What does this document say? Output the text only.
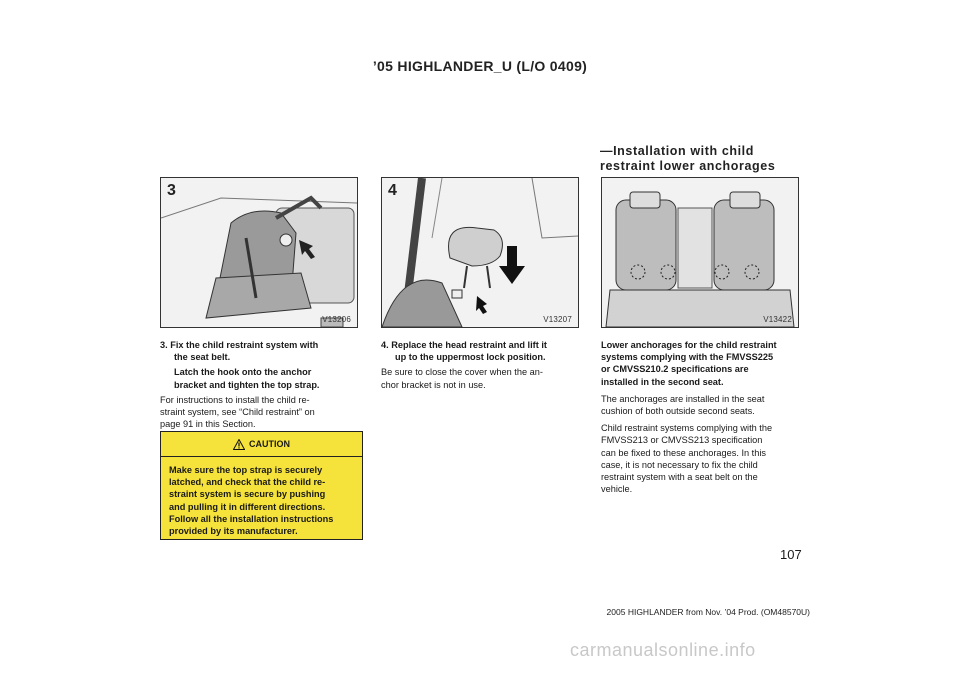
’05 HIGHLANDER_U (L/O 0409)
—Installation with child
restraint lower anchorages
3
V13206
4
V13207	V13422
3. Fix the child restraint system with
the seat belt.
Latch the hook onto the anchor
bracket and tighten the top strap.
For instructions to install the child re-
straint system, see “Child restraint” on
page 91 in this Section.
CAUTION
Make sure the top strap is securely
latched, and check that the child re-
straint system is secure by pushing
and pulling it in different directions.
Follow all the installation instructions
provided by its manufacturer.
4. Replace the head restraint and lift it
up to the uppermost lock position.
Be sure to close the cover when the an-
chor bracket is not in use.
Lower anchorages for the child restraint
systems complying with the FMVSS225
or CMVSS210.2 specifications are
installed in the second seat.
The anchorages are installed in the seat
cushion of both outside second seats.
Child restraint systems complying with the
FMVSS213 or CMVSS213 specification
can be fixed to these anchorages. In this
case, it is not necessary to fix the child
restraint system with a seat belt on the
vehicle.
107
2005 HIGHLANDER from Nov. ’04 Prod. (OM48570U)
carmanualsonline.info
